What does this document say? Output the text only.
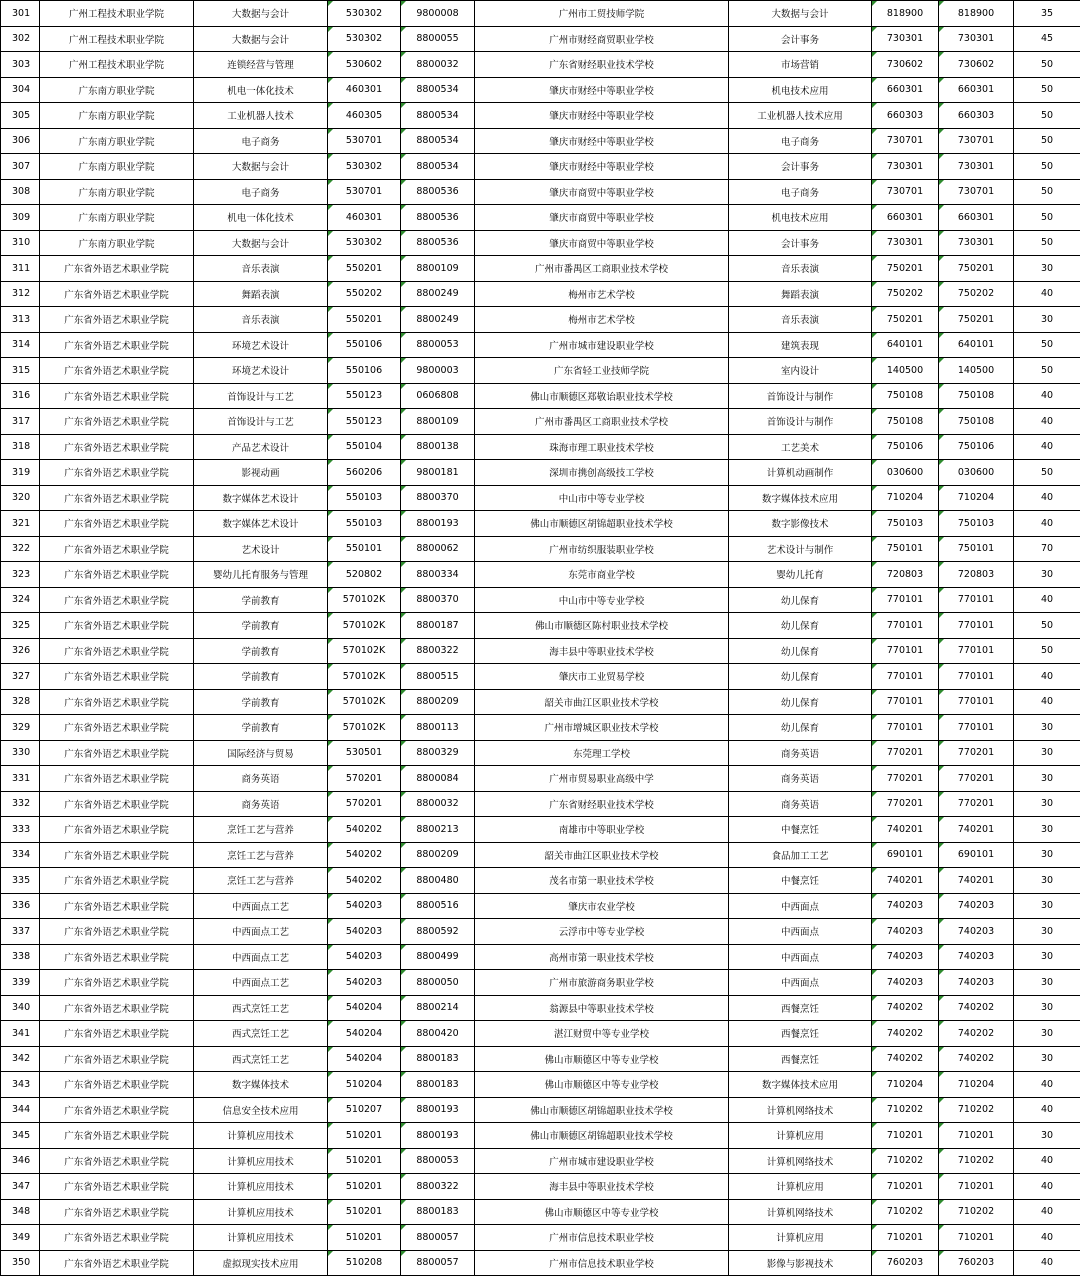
301	广州工程技术职业学院	大数据与会计	530302	9800008	广州市工贸技师学院	大数据与会计	818900	818900	35
302	广州工程技术职业学院	大数据与会计	530302	8800055	广州市财经商贸职业学校	会计事务	730301	730301	45
303	广州工程技术职业学院	连锁经营与管理	530602	8800032	广东省财经职业技术学校	市场营销	730602	730602	50
304	广东南方职业学院	机电一体化技术	460301	8800534	肇庆市财经中等职业学校	机电技术应用	660301	660301	50
305	广东南方职业学院	工业机器人技术	460305	8800534	肇庆市财经中等职业学校	工业机器人技术应用	660303	660303	50
306	广东南方职业学院	电子商务	530701	8800534	肇庆市财经中等职业学校	电子商务	730701	730701	50
307	广东南方职业学院	大数据与会计	530302	8800534	肇庆市财经中等职业学校	会计事务	730301	730301	50
308	广东南方职业学院	电子商务	530701	8800536	肇庆市商贸中等职业学校	电子商务	730701	730701	50
309	广东南方职业学院	机电一体化技术	460301	8800536	肇庆市商贸中等职业学校	机电技术应用	660301	660301	50
310	广东南方职业学院	大数据与会计	530302	8800536	肇庆市商贸中等职业学校	会计事务	730301	730301	50
311	广东省外语艺术职业学院	音乐表演	550201	8800109	广州市番禺区工商职业技术学校	音乐表演	750201	750201	30
312	广东省外语艺术职业学院	舞蹈表演	550202	8800249	梅州市艺术学校	舞蹈表演	750202	750202	40
313	广东省外语艺术职业学院	音乐表演	550201	8800249	梅州市艺术学校	音乐表演	750201	750201	30
314	广东省外语艺术职业学院	环境艺术设计	550106	8800053	广州市城市建设职业学校	建筑表现	640101	640101	50
315	广东省外语艺术职业学院	环境艺术设计	550106	9800003	广东省轻工业技师学院	室内设计	140500	140500	50
316	广东省外语艺术职业学院	首饰设计与工艺	550123	0606808	佛山市顺德区郑敬诒职业技术学校	首饰设计与制作	750108	750108	40
317	广东省外语艺术职业学院	首饰设计与工艺	550123	8800109	广州市番禺区工商职业技术学校	首饰设计与制作	750108	750108	40
318	广东省外语艺术职业学院	产品艺术设计	550104	8800138	珠海市理工职业技术学校	工艺美术	750106	750106	40
319	广东省外语艺术职业学院	影视动画	560206	9800181	深圳市携创高级技工学校	计算机动画制作	030600	030600	50
320	广东省外语艺术职业学院	数字媒体艺术设计	550103	8800370	中山市中等专业学校	数字媒体技术应用	710204	710204	40
321	广东省外语艺术职业学院	数字媒体艺术设计	550103	8800193	佛山市顺德区胡锦超职业技术学校	数字影像技术	750103	750103	40
322	广东省外语艺术职业学院	艺术设计	550101	8800062	广州市纺织服装职业学校	艺术设计与制作	750101	750101	70
323	广东省外语艺术职业学院	婴幼儿托育服务与管理	520802	8800334	东莞市商业学校	婴幼儿托育	720803	720803	30
324	广东省外语艺术职业学院	学前教育	570102K	8800370	中山市中等专业学校	幼儿保育	770101	770101	40
325	广东省外语艺术职业学院	学前教育	570102K	8800187	佛山市顺德区陈村职业技术学校	幼儿保育	770101	770101	50
326	广东省外语艺术职业学院	学前教育	570102K	8800322	海丰县中等职业技术学校	幼儿保育	770101	770101	50
327	广东省外语艺术职业学院	学前教育	570102K	8800515	肇庆市工业贸易学校	幼儿保育	770101	770101	40
328	广东省外语艺术职业学院	学前教育	570102K	8800209	韶关市曲江区职业技术学校	幼儿保育	770101	770101	40
329	广东省外语艺术职业学院	学前教育	570102K	8800113	广州市增城区职业技术学校	幼儿保育	770101	770101	30
330	广东省外语艺术职业学院	国际经济与贸易	530501	8800329	东莞理工学校	商务英语	770201	770201	30
331	广东省外语艺术职业学院	商务英语	570201	8800084	广州市贸易职业高级中学	商务英语	770201	770201	30
332	广东省外语艺术职业学院	商务英语	570201	8800032	广东省财经职业技术学校	商务英语	770201	770201	30
333	广东省外语艺术职业学院	烹饪工艺与营养	540202	8800213	南雄市中等职业学校	中餐烹饪	740201	740201	30
334	广东省外语艺术职业学院	烹饪工艺与营养	540202	8800209	韶关市曲江区职业技术学校	食品加工工艺	690101	690101	30
335	广东省外语艺术职业学院	烹饪工艺与营养	540202	8800480	茂名市第一职业技术学校	中餐烹饪	740201	740201	30
336	广东省外语艺术职业学院	中西面点工艺	540203	8800516	肇庆市农业学校	中西面点	740203	740203	30
337	广东省外语艺术职业学院	中西面点工艺	540203	8800592	云浮市中等专业学校	中西面点	740203	740203	30
338	广东省外语艺术职业学院	中西面点工艺	540203	8800499	高州市第一职业技术学校	中西面点	740203	740203	30
339	广东省外语艺术职业学院	中西面点工艺	540203	8800050	广州市旅游商务职业学校	中西面点	740203	740203	30
340	广东省外语艺术职业学院	西式烹饪工艺	540204	8800214	翁源县中等职业技术学校	西餐烹饪	740202	740202	30
341	广东省外语艺术职业学院	西式烹饪工艺	540204	8800420	湛江财贸中等专业学校	西餐烹饪	740202	740202	30
342	广东省外语艺术职业学院	西式烹饪工艺	540204	8800183	佛山市顺德区中等专业学校	西餐烹饪	740202	740202	30
343	广东省外语艺术职业学院	数字媒体技术	510204	8800183	佛山市顺德区中等专业学校	数字媒体技术应用	710204	710204	40
344	广东省外语艺术职业学院	信息安全技术应用	510207	8800193	佛山市顺德区胡锦超职业技术学校	计算机网络技术	710202	710202	40
345	广东省外语艺术职业学院	计算机应用技术	510201	8800193	佛山市顺德区胡锦超职业技术学校	计算机应用	710201	710201	30
346	广东省外语艺术职业学院	计算机应用技术	510201	8800053	广州市城市建设职业学校	计算机网络技术	710202	710202	40
347	广东省外语艺术职业学院	计算机应用技术	510201	8800322	海丰县中等职业技术学校	计算机应用	710201	710201	40
348	广东省外语艺术职业学院	计算机应用技术	510201	8800183	佛山市顺德区中等专业学校	计算机网络技术	710202	710202	40
349	广东省外语艺术职业学院	计算机应用技术	510201	8800057	广州市信息技术职业学校	计算机应用	710201	710201	40
350	广东省外语艺术职业学院	虚拟现实技术应用	510208	8800057	广州市信息技术职业学校	影像与影视技术	760203	760203	40
